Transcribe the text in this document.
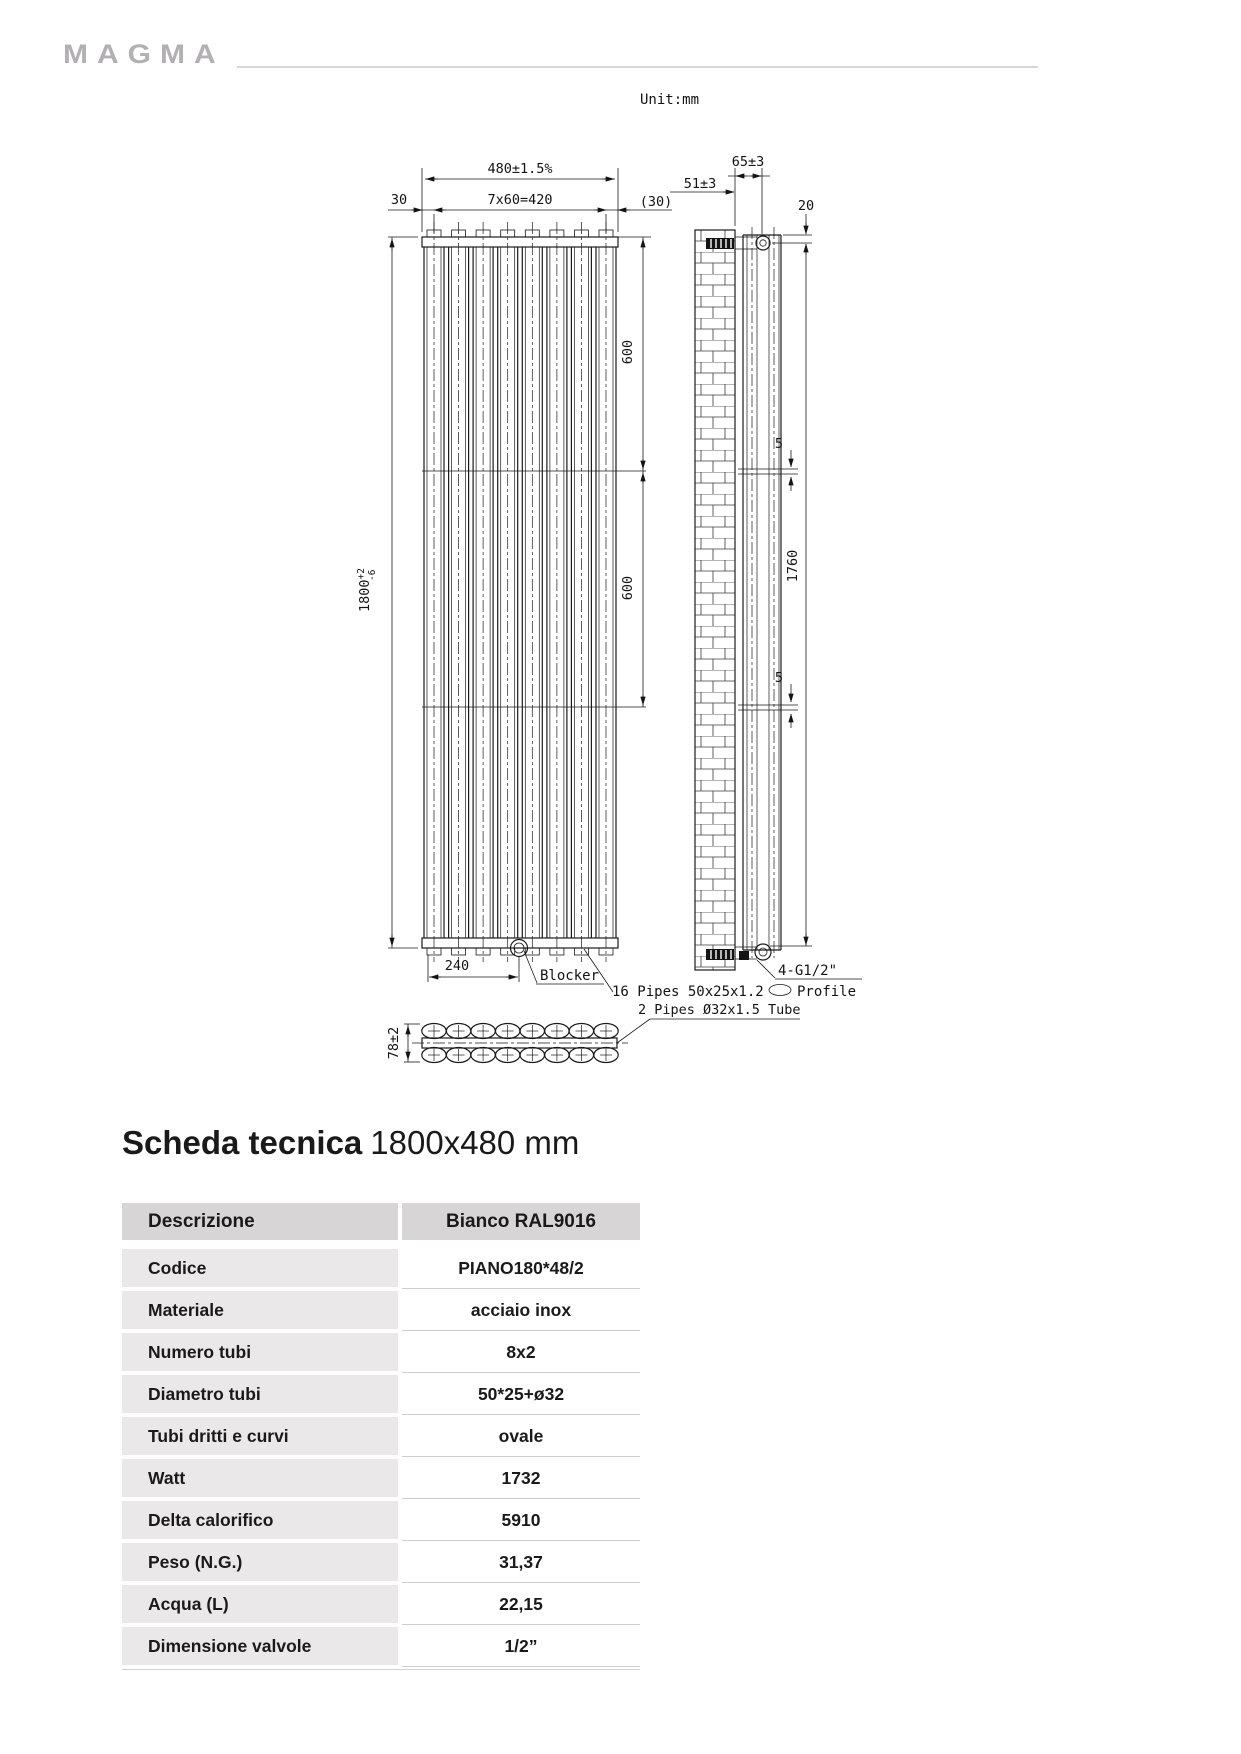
MAGMA
Unit:mm
480±1.5%
30	7x60=420	(30)
600
600
$1800^{+2}-6$
240
Blocker
16 Pipes 50x25x1.2 Profile
2 Pipes Ø32x1.5 Tube
78±2
65±3
51±3
20
1760
5
5
4-G1/2"
Scheda tecnica 1800x480 mm
Descrizione	Bianco RAL9016
Codice	PIANO180*48/2
Materiale	acciaio inox
Numero tubi	8x2
Diametro tubi	50*25+ø32
Tubi dritti e curvi	ovale
Watt	1732
Delta calorifico	5910
Peso (N.G.)	31,37
Acqua (L)	22,15
Dimensione valvole	1/2”
